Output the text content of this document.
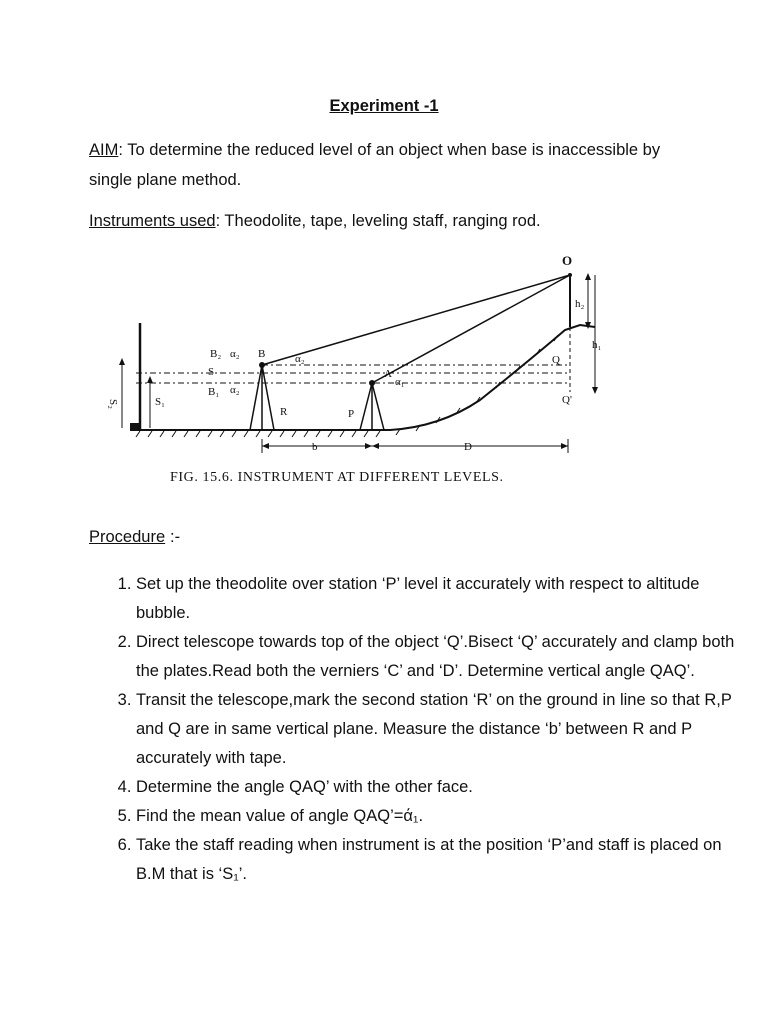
Experiment -1
AIM: To determine the reduced level of an object when base is inaccessible by single plane method.
Instruments used: Theodolite, tape, leveling staff, ranging rod.
S₂	S₁
O
h₂
h₁
Q
Q'
B₂ α₂ B
S
B₁ α₂
α₂
R
A
α₁
P
b	D
FIG. 15.6. INSTRUMENT AT DIFFERENT LEVELS.
Procedure :-
1. Set up the theodolite over station ‘P’ level it accurately with respect to altitude bubble.
2. Direct telescope towards top of the object ‘Q’.Bisect ‘Q’ accurately and clamp both the plates.Read both the verniers ‘C’ and ‘D’. Determine vertical angle QAQ’.
3. Transit the telescope,mark the second station ‘R’ on the ground in line so that R,P and Q are in same vertical plane. Measure the distance ‘b’ between R and P accurately with tape.
4. Determine the angle QAQ’ with the other face.
5. Find the mean value of angle QAQ’=ά₁.
6. Take the staff reading when instrument is at the position ‘P’and staff is placed on B.M that is ‘S₁’.
